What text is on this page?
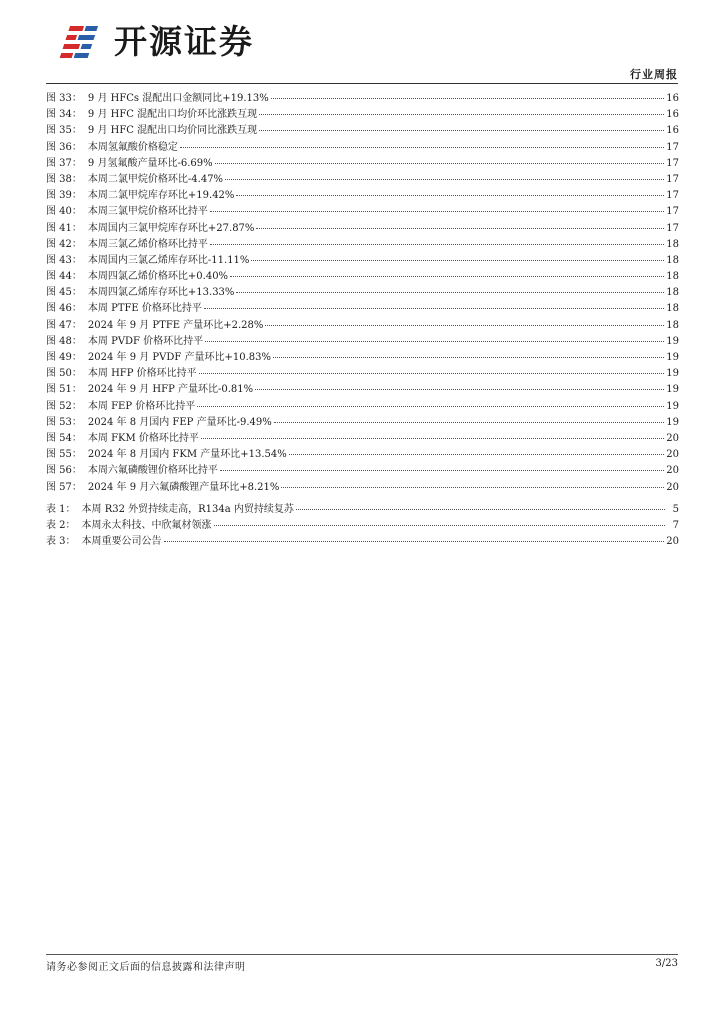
开源证券
行业周报
图 33： 9 月 HFCs 混配出口金额同比+19.13%	16
图 34： 9 月 HFC 混配出口均价环比涨跌互现	16
图 35： 9 月 HFC 混配出口均价同比涨跌互现	16
图 36： 本周氢氟酸价格稳定	17
图 37： 9 月氢氟酸产量环比-6.69%	17
图 38： 本周二氯甲烷价格环比-4.47%	17
图 39： 本周二氯甲烷库存环比+19.42%	17
图 40： 本周三氯甲烷价格环比持平	17
图 41： 本周国内三氯甲烷库存环比+27.87%	17
图 42： 本周三氯乙烯价格环比持平	18
图 43： 本周国内三氯乙烯库存环比-11.11%	18
图 44： 本周四氯乙烯价格环比+0.40%	18
图 45： 本周四氯乙烯库存环比+13.33%	18
图 46： 本周 PTFE 价格环比持平	18
图 47： 2024 年 9 月 PTFE 产量环比+2.28%	18
图 48： 本周 PVDF 价格环比持平	19
图 49： 2024 年 9 月 PVDF 产量环比+10.83%	19
图 50： 本周 HFP 价格环比持平	19
图 51： 2024 年 9 月 HFP 产量环比-0.81%	19
图 52： 本周 FEP 价格环比持平	19
图 53： 2024 年 8 月国内 FEP 产量环比-9.49%	19
图 54： 本周 FKM 价格环比持平	20
图 55： 2024 年 8 月国内 FKM 产量环比+13.54%	20
图 56： 本周六氟磷酸锂价格环比持平	20
图 57： 2024 年 9 月六氟磷酸锂产量环比+8.21%	20
表 1： 本周 R32 外贸持续走高，R134a 内贸持续复苏	5
表 2： 本周永太科技、中欣氟材领涨	7
表 3： 本周重要公司公告	20
请务必参阅正文后面的信息披露和法律声明	3/23
